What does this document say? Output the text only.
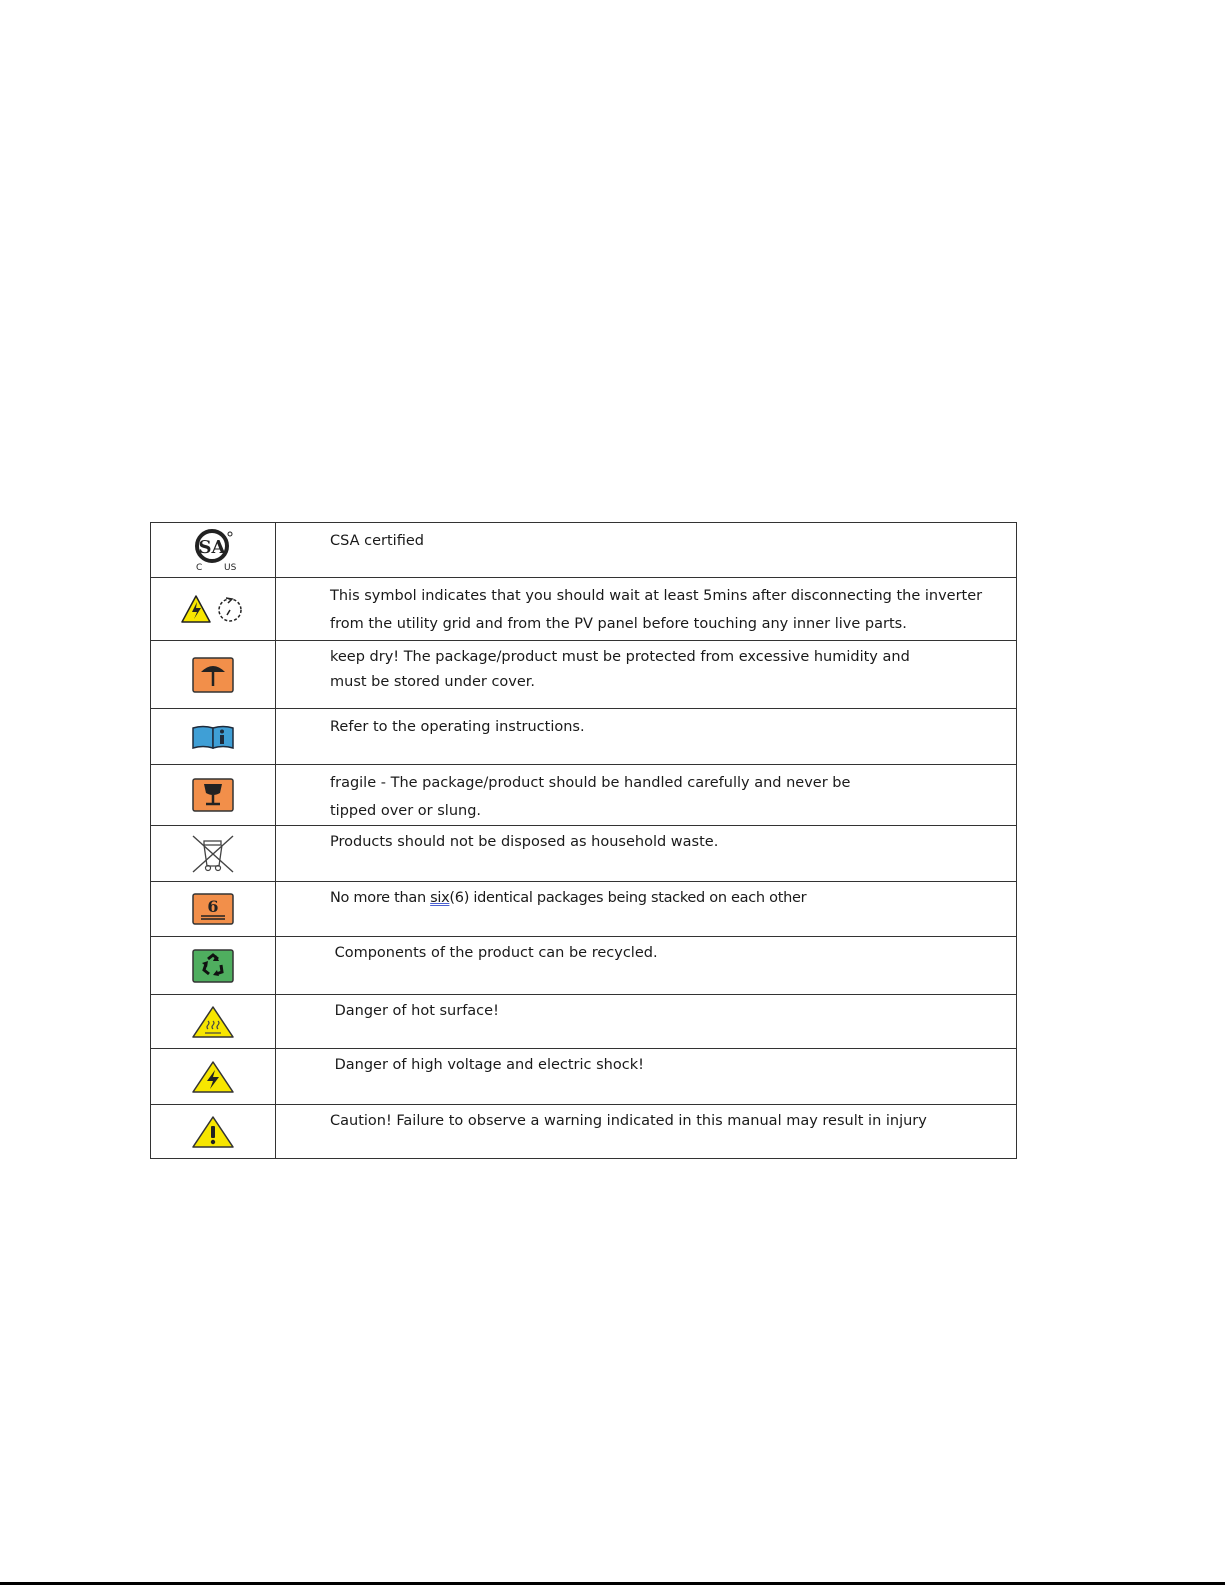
SA
C US	CSA certified

This symbol indicates that you should wait at least 5mins after disconnecting the inverter
from the utility grid and from the PV panel before touching any inner live parts.

keep dry! The package/product must be protected from excessive humidity and
must be stored under cover.

Refer to the operating instructions.

fragile - The package/product should be handled carefully and never be
tipped over or slung.

Products should not be disposed as household waste.

6	No more than six(6) identical packages being stacked on each other

Components of the product can be recycled.

Danger of hot surface!

Danger of high voltage and electric shock!

Caution! Failure to observe a warning indicated in this manual may result in injury
